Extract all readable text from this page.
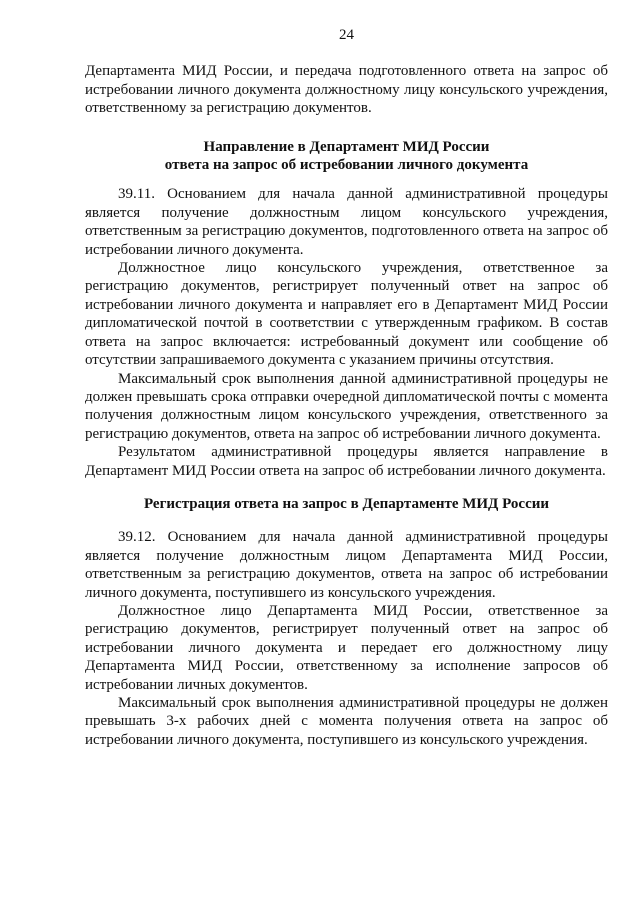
24

Департамента МИД России, и передача подготовленного ответа на запрос об истребовании личного документа должностному лицу консульского учреждения, ответственному за регистрацию документов.

Направление в Департамент МИД России
ответа на запрос об истребовании личного документа

39.11. Основанием для начала данной административной процедуры является получение должностным лицом консульского учреждения, ответственным за регистрацию документов, подготовленного ответа на запрос об истребовании личного документа.

Должностное лицо консульского учреждения, ответственное за регистрацию документов, регистрирует полученный ответ на запрос об истребовании личного документа и направляет его в Департамент МИД России дипломатической почтой в соответствии с утвержденным графиком. В состав ответа на запрос включается: истребованный документ или сообщение об отсутствии запрашиваемого документа с указанием причины отсутствия.

Максимальный срок выполнения данной административной процедуры не должен превышать срока отправки очередной дипломатической почты с момента получения должностным лицом консульского учреждения, ответственного за регистрацию документов, ответа на запрос об истребовании личного документа.

Результатом административной процедуры является направление в Департамент МИД России ответа на запрос об истребовании личного документа.

Регистрация ответа на запрос в Департаменте МИД России

39.12. Основанием для начала данной административной процедуры является получение должностным лицом Департамента МИД России, ответственным за регистрацию документов, ответа на запрос об истребовании личного документа, поступившего из консульского учреждения.

Должностное лицо Департамента МИД России, ответственное за регистрацию документов, регистрирует полученный ответ на запрос об истребовании личного документа и передает его должностному лицу Департамента МИД России, ответственному за исполнение запросов об истребовании личных документов.

Максимальный срок выполнения административной процедуры не должен превышать 3-х рабочих дней с момента получения ответа на запрос об истребовании личного документа, поступившего из консульского учреждения.
